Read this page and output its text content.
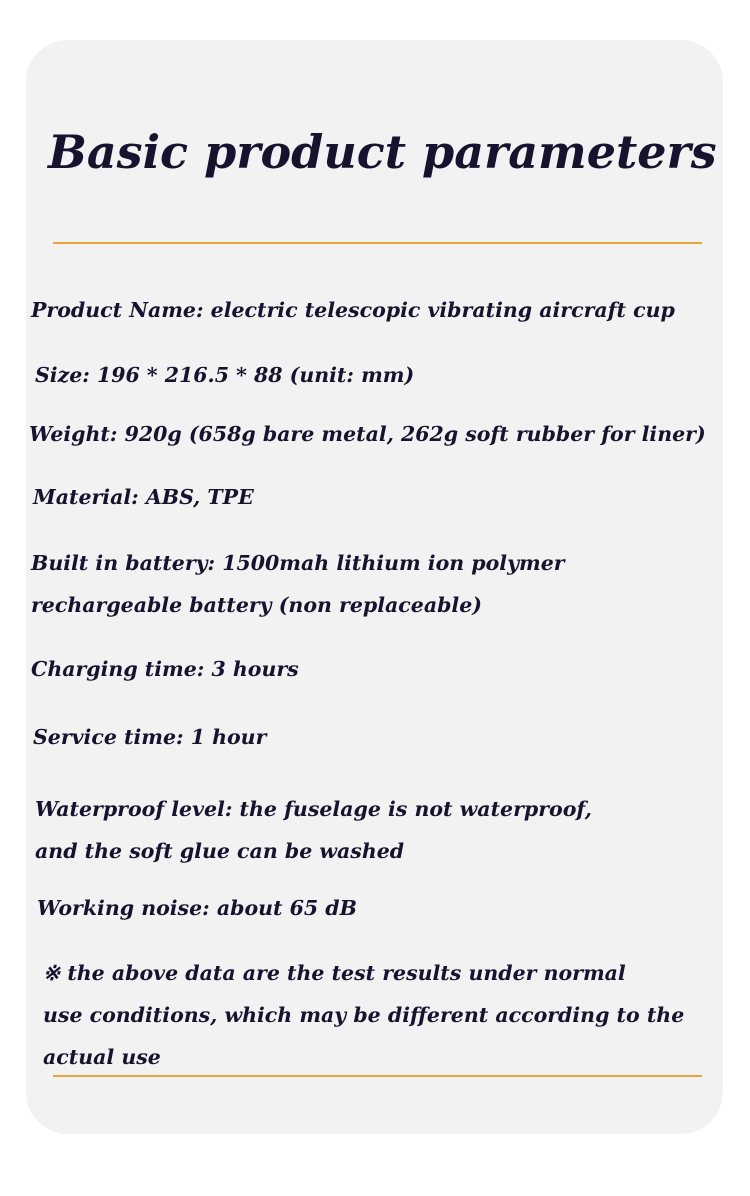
Basic product parameters

Product Name: electric telescopic vibrating aircraft cup

Size: 196 * 216.5 * 88 (unit: mm)

Weight: 920g (658g bare metal, 262g soft rubber for liner)

Material: ABS, TPE

Built in battery: 1500mah lithium ion polymer

rechargeable battery (non replaceable)

Charging time: 3 hours

Service time: 1 hour

Waterproof level: the fuselage is not waterproof,

and the soft glue can be washed

Working noise: about 65 dB

※ the above data are the test results under normal

use conditions, which may be different according to the

actual use
